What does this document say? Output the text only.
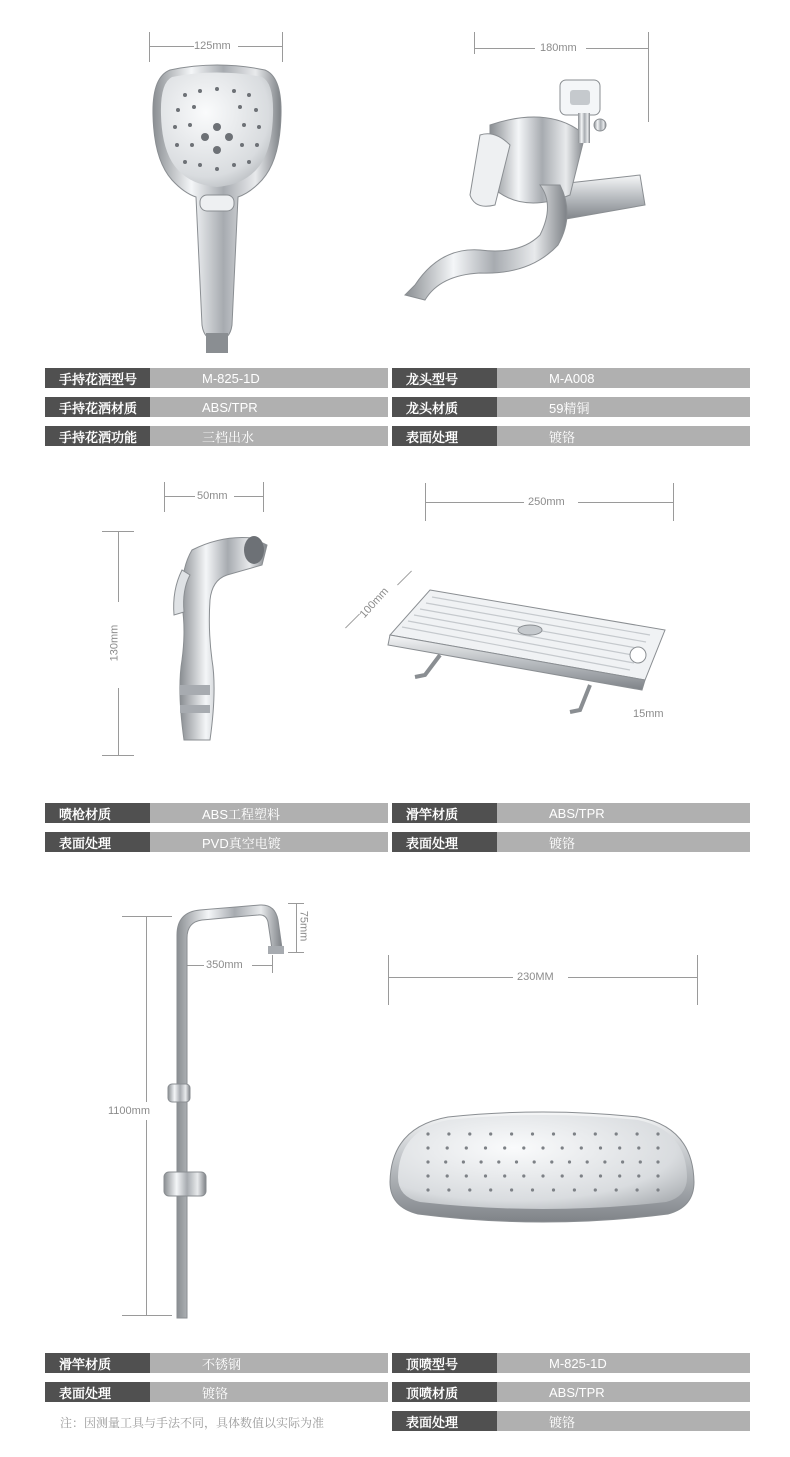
125mm	180mm
手持花洒型号	M-825-1D
手持花洒材质	ABS/TPR
手持花洒功能	三档出水
龙头型号	M-A008
龙头材质	59精铜
表面处理	镀铬
50mm
130mm
250mm
100mm
15mm
喷枪材质	ABS工程塑料
表面处理	PVD真空电镀
滑竿材质	ABS/TPR
表面处理	镀铬
1100mm
350mm
75mm
230MM
滑竿材质	不锈钢
表面处理	镀铬
注：因测量工具与手法不同，具体数值以实际为准
顶喷型号	M-825-1D
顶喷材质	ABS/TPR
表面处理	镀铬
